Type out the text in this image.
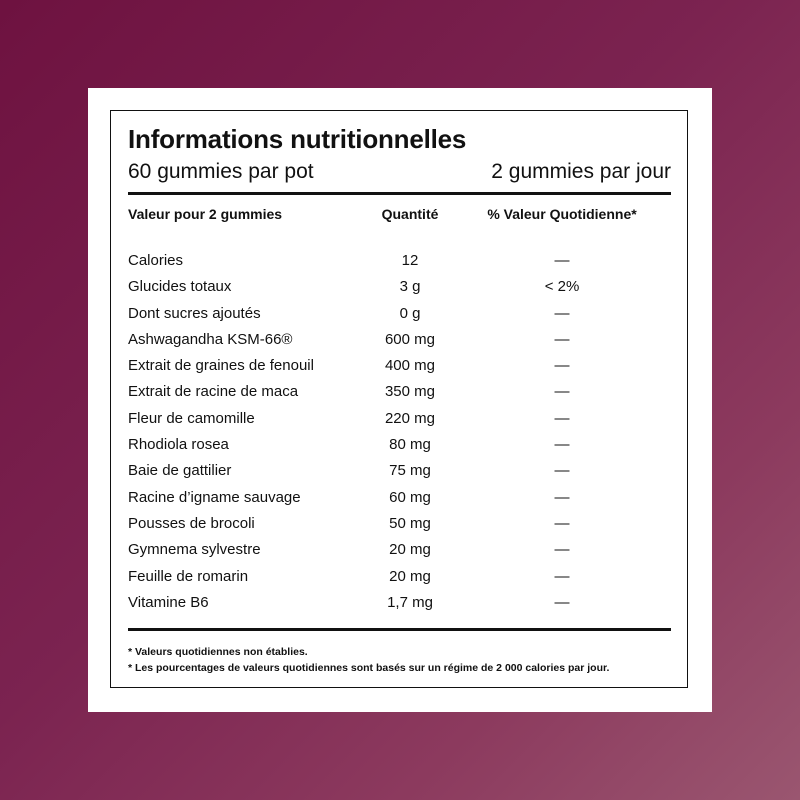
Informations nutritionnelles
60 gummies par pot	2 gummies par jour
Valeur pour 2 gummies	Quantité	% Valeur Quotidienne*
Calories	12	—
Glucides totaux	3 g	< 2%
Dont sucres ajoutés	0 g	—
Ashwagandha KSM-66®	600 mg	—
Extrait de graines de fenouil	400 mg	—
Extrait de racine de maca	350 mg	—
Fleur de camomille	220 mg	—
Rhodiola rosea	80 mg	—
Baie de gattilier	75 mg	—
Racine d’igname sauvage	60 mg	—
Pousses de brocoli	50 mg	—
Gymnema sylvestre	20 mg	—
Feuille de romarin	20 mg	—
Vitamine B6	1,7 mg	—
* Valeurs quotidiennes non établies.
* Les pourcentages de valeurs quotidiennes sont basés sur un régime de 2 000 calories par jour.
